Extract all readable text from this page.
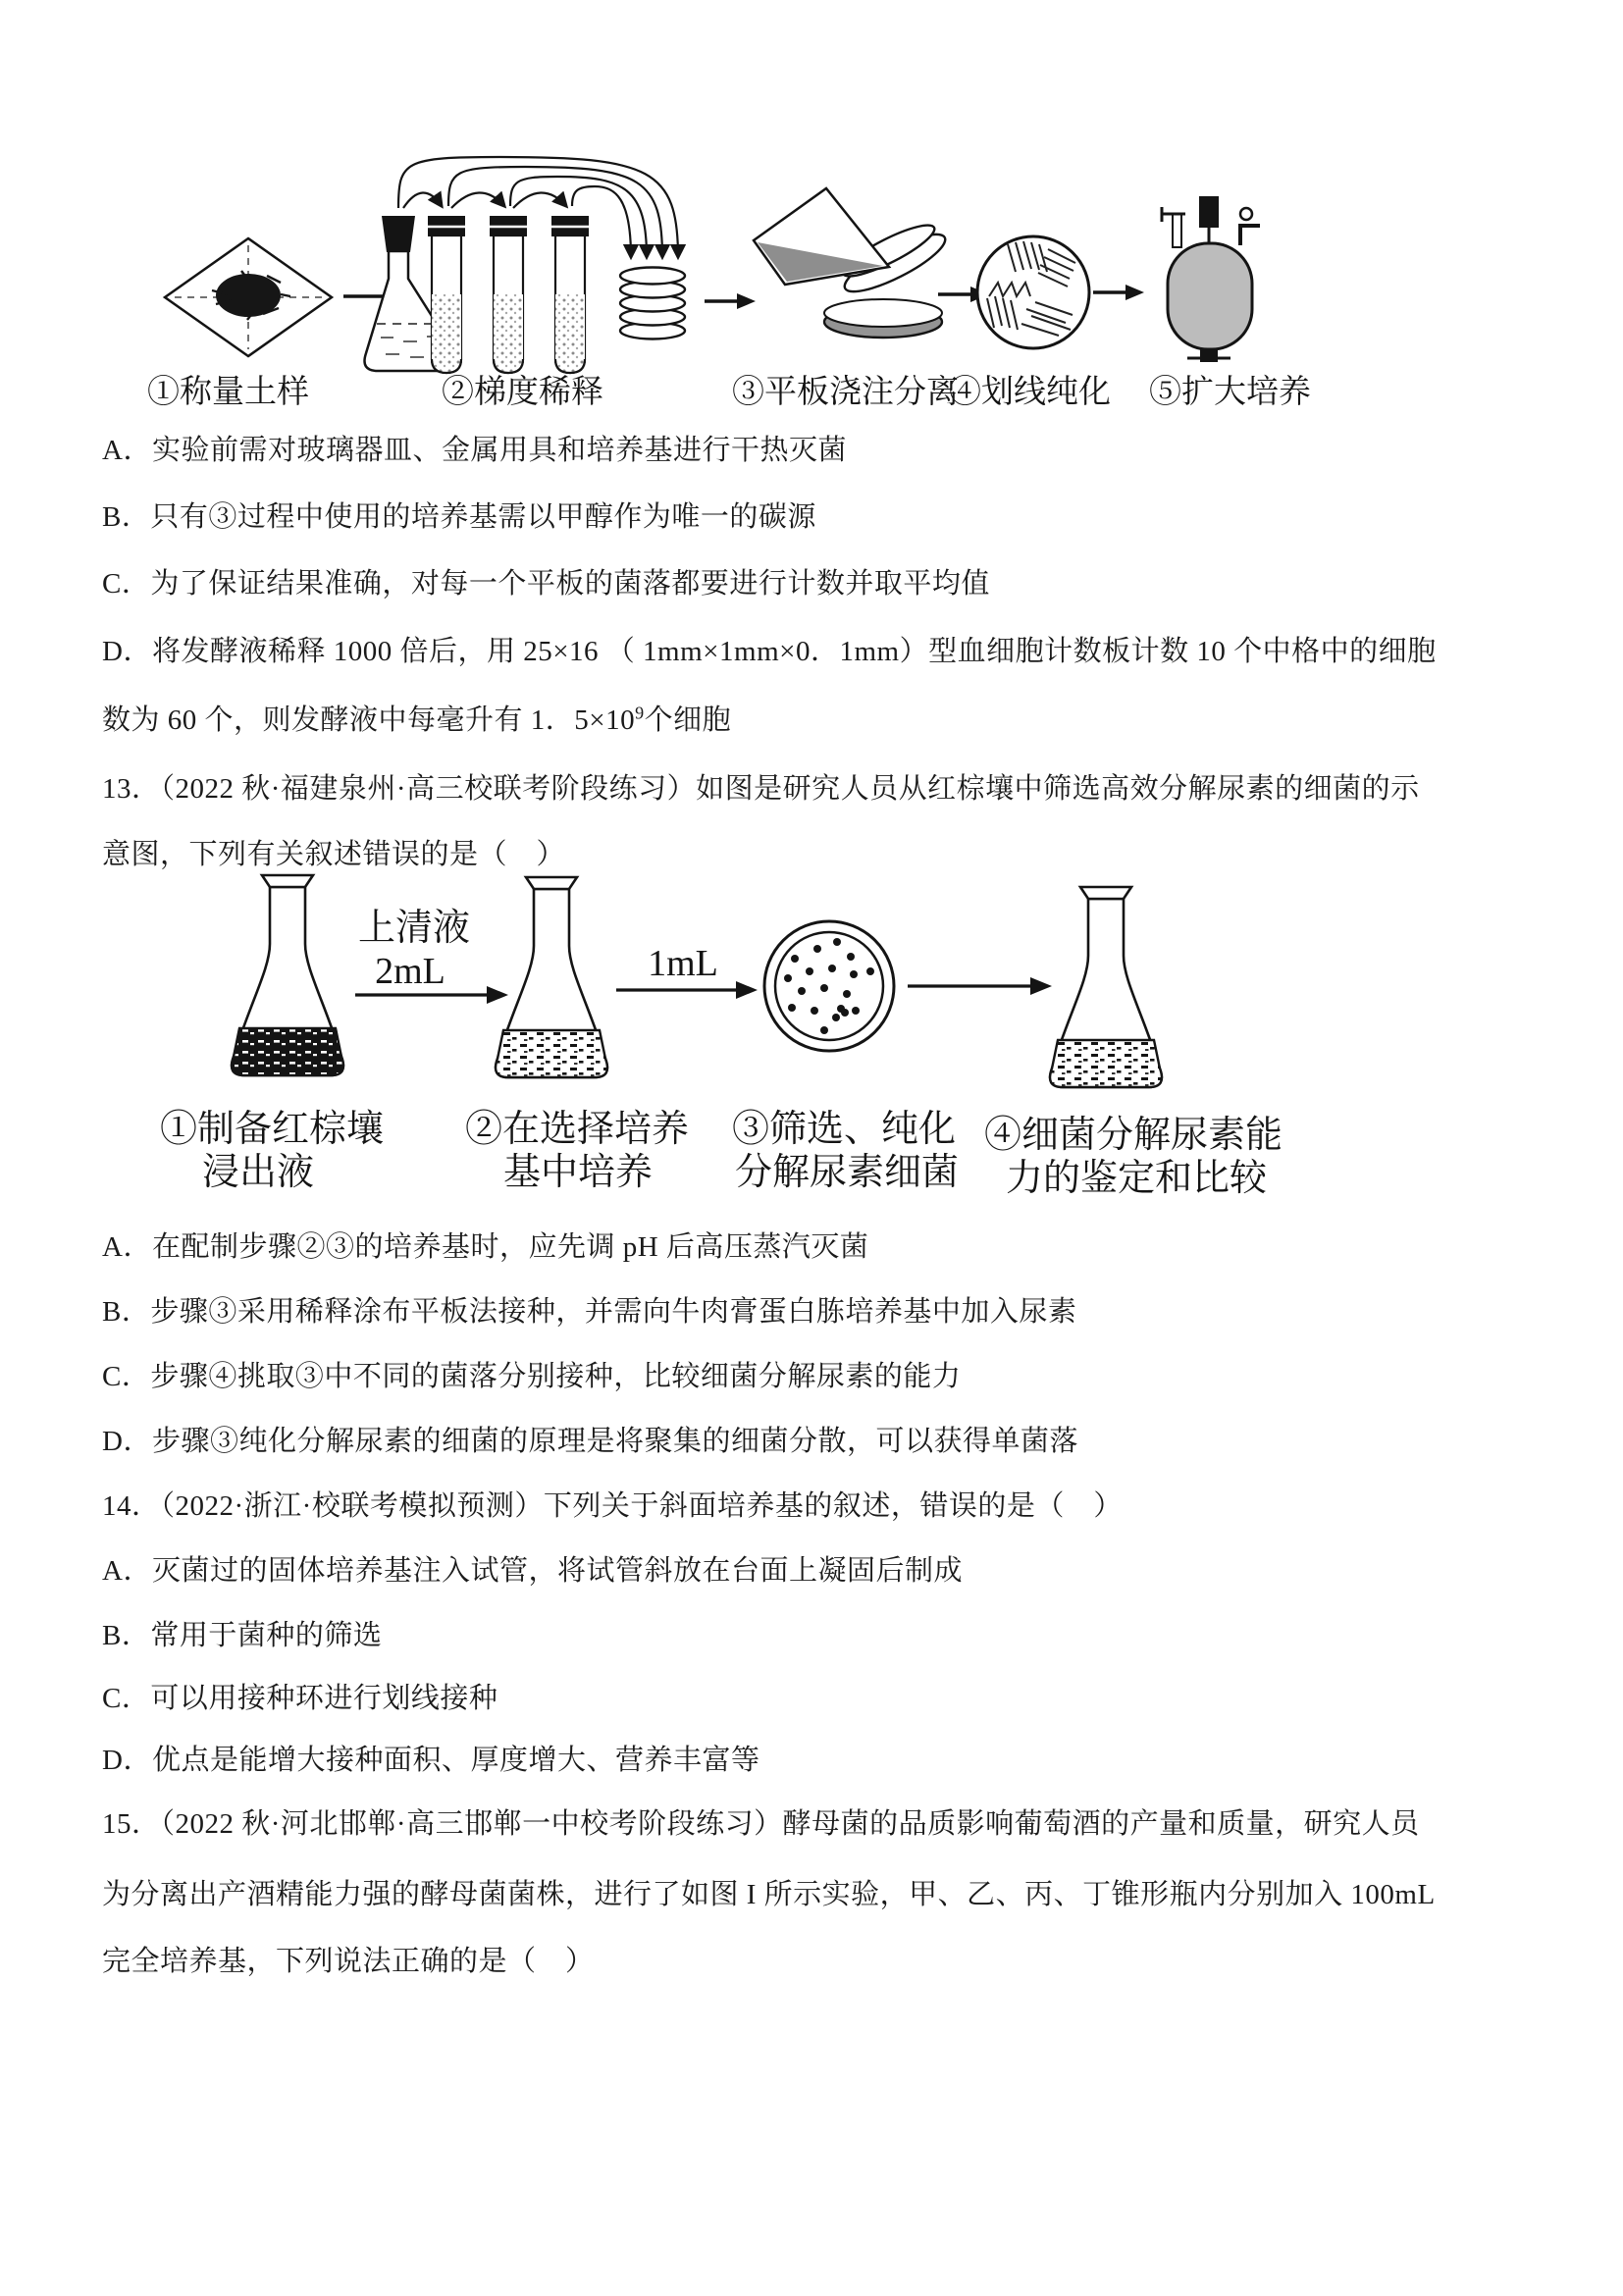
①称量土样	②梯度稀释	③平板浇注分离
④划线纯化 ⑤扩大培养
A．实验前需对玻璃器皿、金属用具和培养基进行干热灭菌
B．只有③过程中使用的培养基需以甲醇作为唯一的碳源
C．为了保证结果准确，对每一个平板的菌落都要进行计数并取平均值
D．将发酵液稀释 1000 倍后，用 25×16 （ 1mm×1mm×0．1mm）型血细胞计数板计数 10 个中格中的细胞
数为 60 个，则发酵液中每毫升有 1．$5\times 10^9$个细胞
13．（2022 秋·福建泉州·高三校联考阶段练习）如图是研究人员从红棕壤中筛选高效分解尿素的细菌的示
意图，下列有关叙述错误的是（　）
上清液
2mL	1mL
①制备红棕壤
浸出液
②在选择培养
基中培养
③筛选、纯化
分解尿素细菌
④细菌分解尿素能
力的鉴定和比较
A．在配制步骤②③的培养基时，应先调 pH 后高压蒸汽灭菌
B．步骤③采用稀释涂布平板法接种，并需向牛肉膏蛋白胨培养基中加入尿素
C．步骤④挑取③中不同的菌落分别接种，比较细菌分解尿素的能力
D．步骤③纯化分解尿素的细菌的原理是将聚集的细菌分散，可以获得单菌落
14．（2022·浙江·校联考模拟预测）下列关于斜面培养基的叙述，错误的是（　）
A．灭菌过的固体培养基注入试管，将试管斜放在台面上凝固后制成
B．常用于菌种的筛选
C．可以用接种环进行划线接种
D．优点是能增大接种面积、厚度增大、营养丰富等
15．（2022 秋·河北邯郸·高三邯郸一中校考阶段练习）酵母菌的品质影响葡萄酒的产量和质量，研究人员
为分离出产酒精能力强的酵母菌菌株，进行了如图 I 所示实验，甲、乙、丙、丁锥形瓶内分别加入 100mL
完全培养基，下列说法正确的是（　）
